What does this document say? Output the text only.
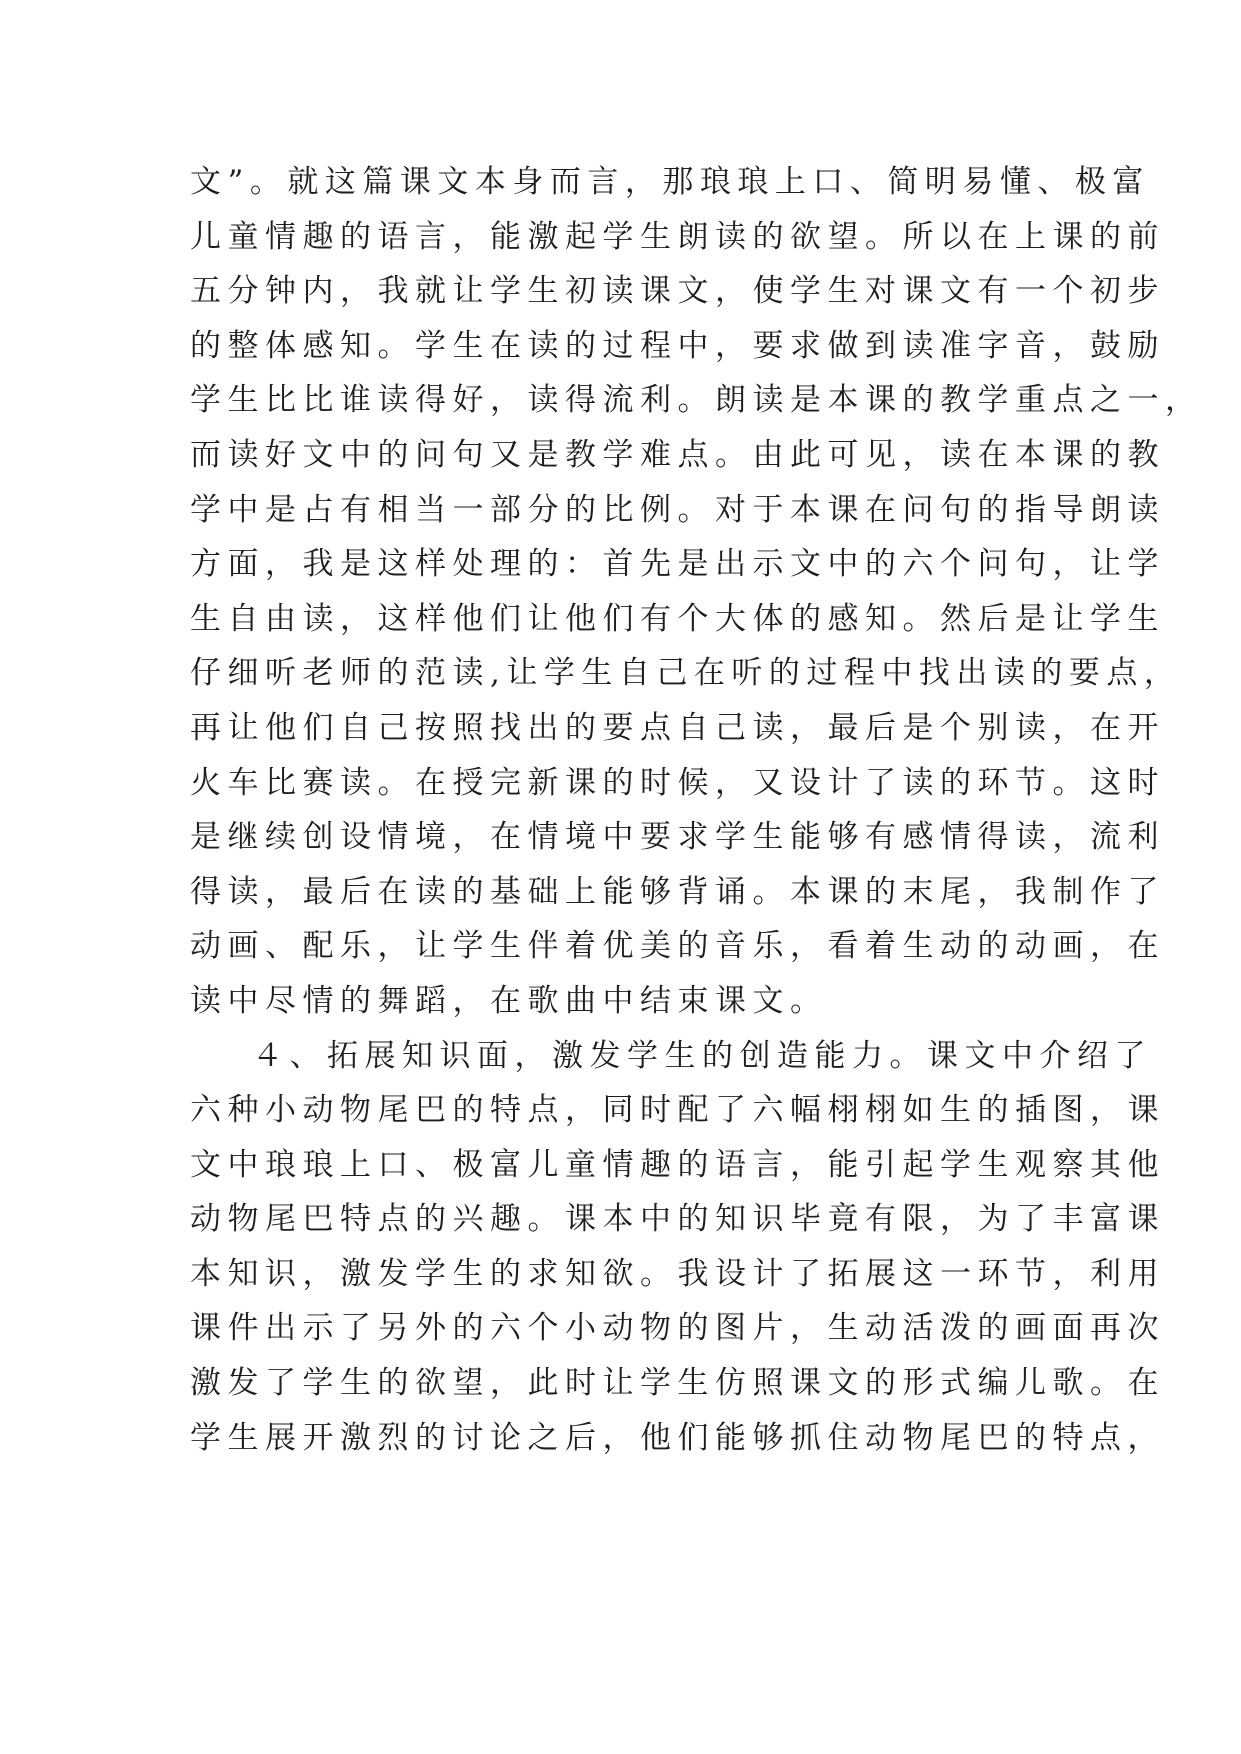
文”。就这篇课文本身而言，那琅琅上口、简明易懂、极富
儿童情趣的语言，能激起学生朗读的欲望。所以在上课的前
五分钟内，我就让学生初读课文，使学生对课文有一个初步
的整体感知。学生在读的过程中，要求做到读准字音，鼓励
学生比比谁读得好，读得流利。朗读是本课的教学重点之一，
而读好文中的问句又是教学难点。由此可见，读在本课的教
学中是占有相当一部分的比例。对于本课在问句的指导朗读
方面，我是这样处理的：首先是出示文中的六个问句，让学
生自由读，这样他们让他们有个大体的感知。然后是让学生
仔细听老师的范读,让学生自己在听的过程中找出读的要点，
再让他们自己按照找出的要点自己读，最后是个别读，在开
火车比赛读。在授完新课的时候，又设计了读的环节。这时
是继续创设情境，在情境中要求学生能够有感情得读，流利
得读，最后在读的基础上能够背诵。本课的末尾，我制作了
动画、配乐，让学生伴着优美的音乐，看着生动的动画，在
读中尽情的舞蹈，在歌曲中结束课文。
４、拓展知识面，激发学生的创造能力。课文中介绍了
六种小动物尾巴的特点，同时配了六幅栩栩如生的插图，课
文中琅琅上口、极富儿童情趣的语言，能引起学生观察其他
动物尾巴特点的兴趣。课本中的知识毕竟有限，为了丰富课
本知识，激发学生的求知欲。我设计了拓展这一环节，利用
课件出示了另外的六个小动物的图片，生动活泼的画面再次
激发了学生的欲望，此时让学生仿照课文的形式编儿歌。在
学生展开激烈的讨论之后，他们能够抓住动物尾巴的特点，
